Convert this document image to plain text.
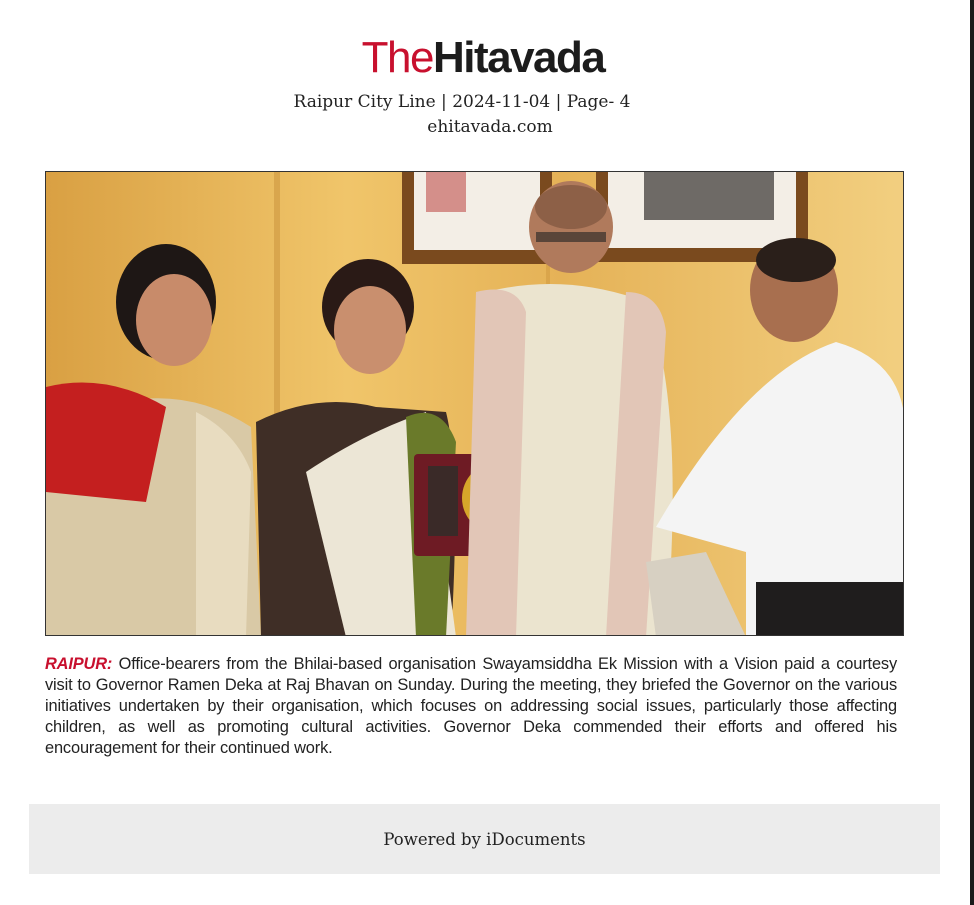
TheHitavada
Raipur City Line | 2024-11-04 | Page- 4
ehitavada.com
RAIPUR: Office-bearers from the Bhilai-based organisation Swayamsiddha Ek Mission with a Vision paid a courtesy visit to Governor Ramen Deka at Raj Bhavan on Sunday. During the meeting, they briefed the Governor on the various initiatives undertaken by their organisation, which focuses on addressing social issues, particularly those affecting children, as well as promoting cultural activities. Governor Deka commended their efforts and offered his encouragement for their continued work.
Powered by iDocuments
